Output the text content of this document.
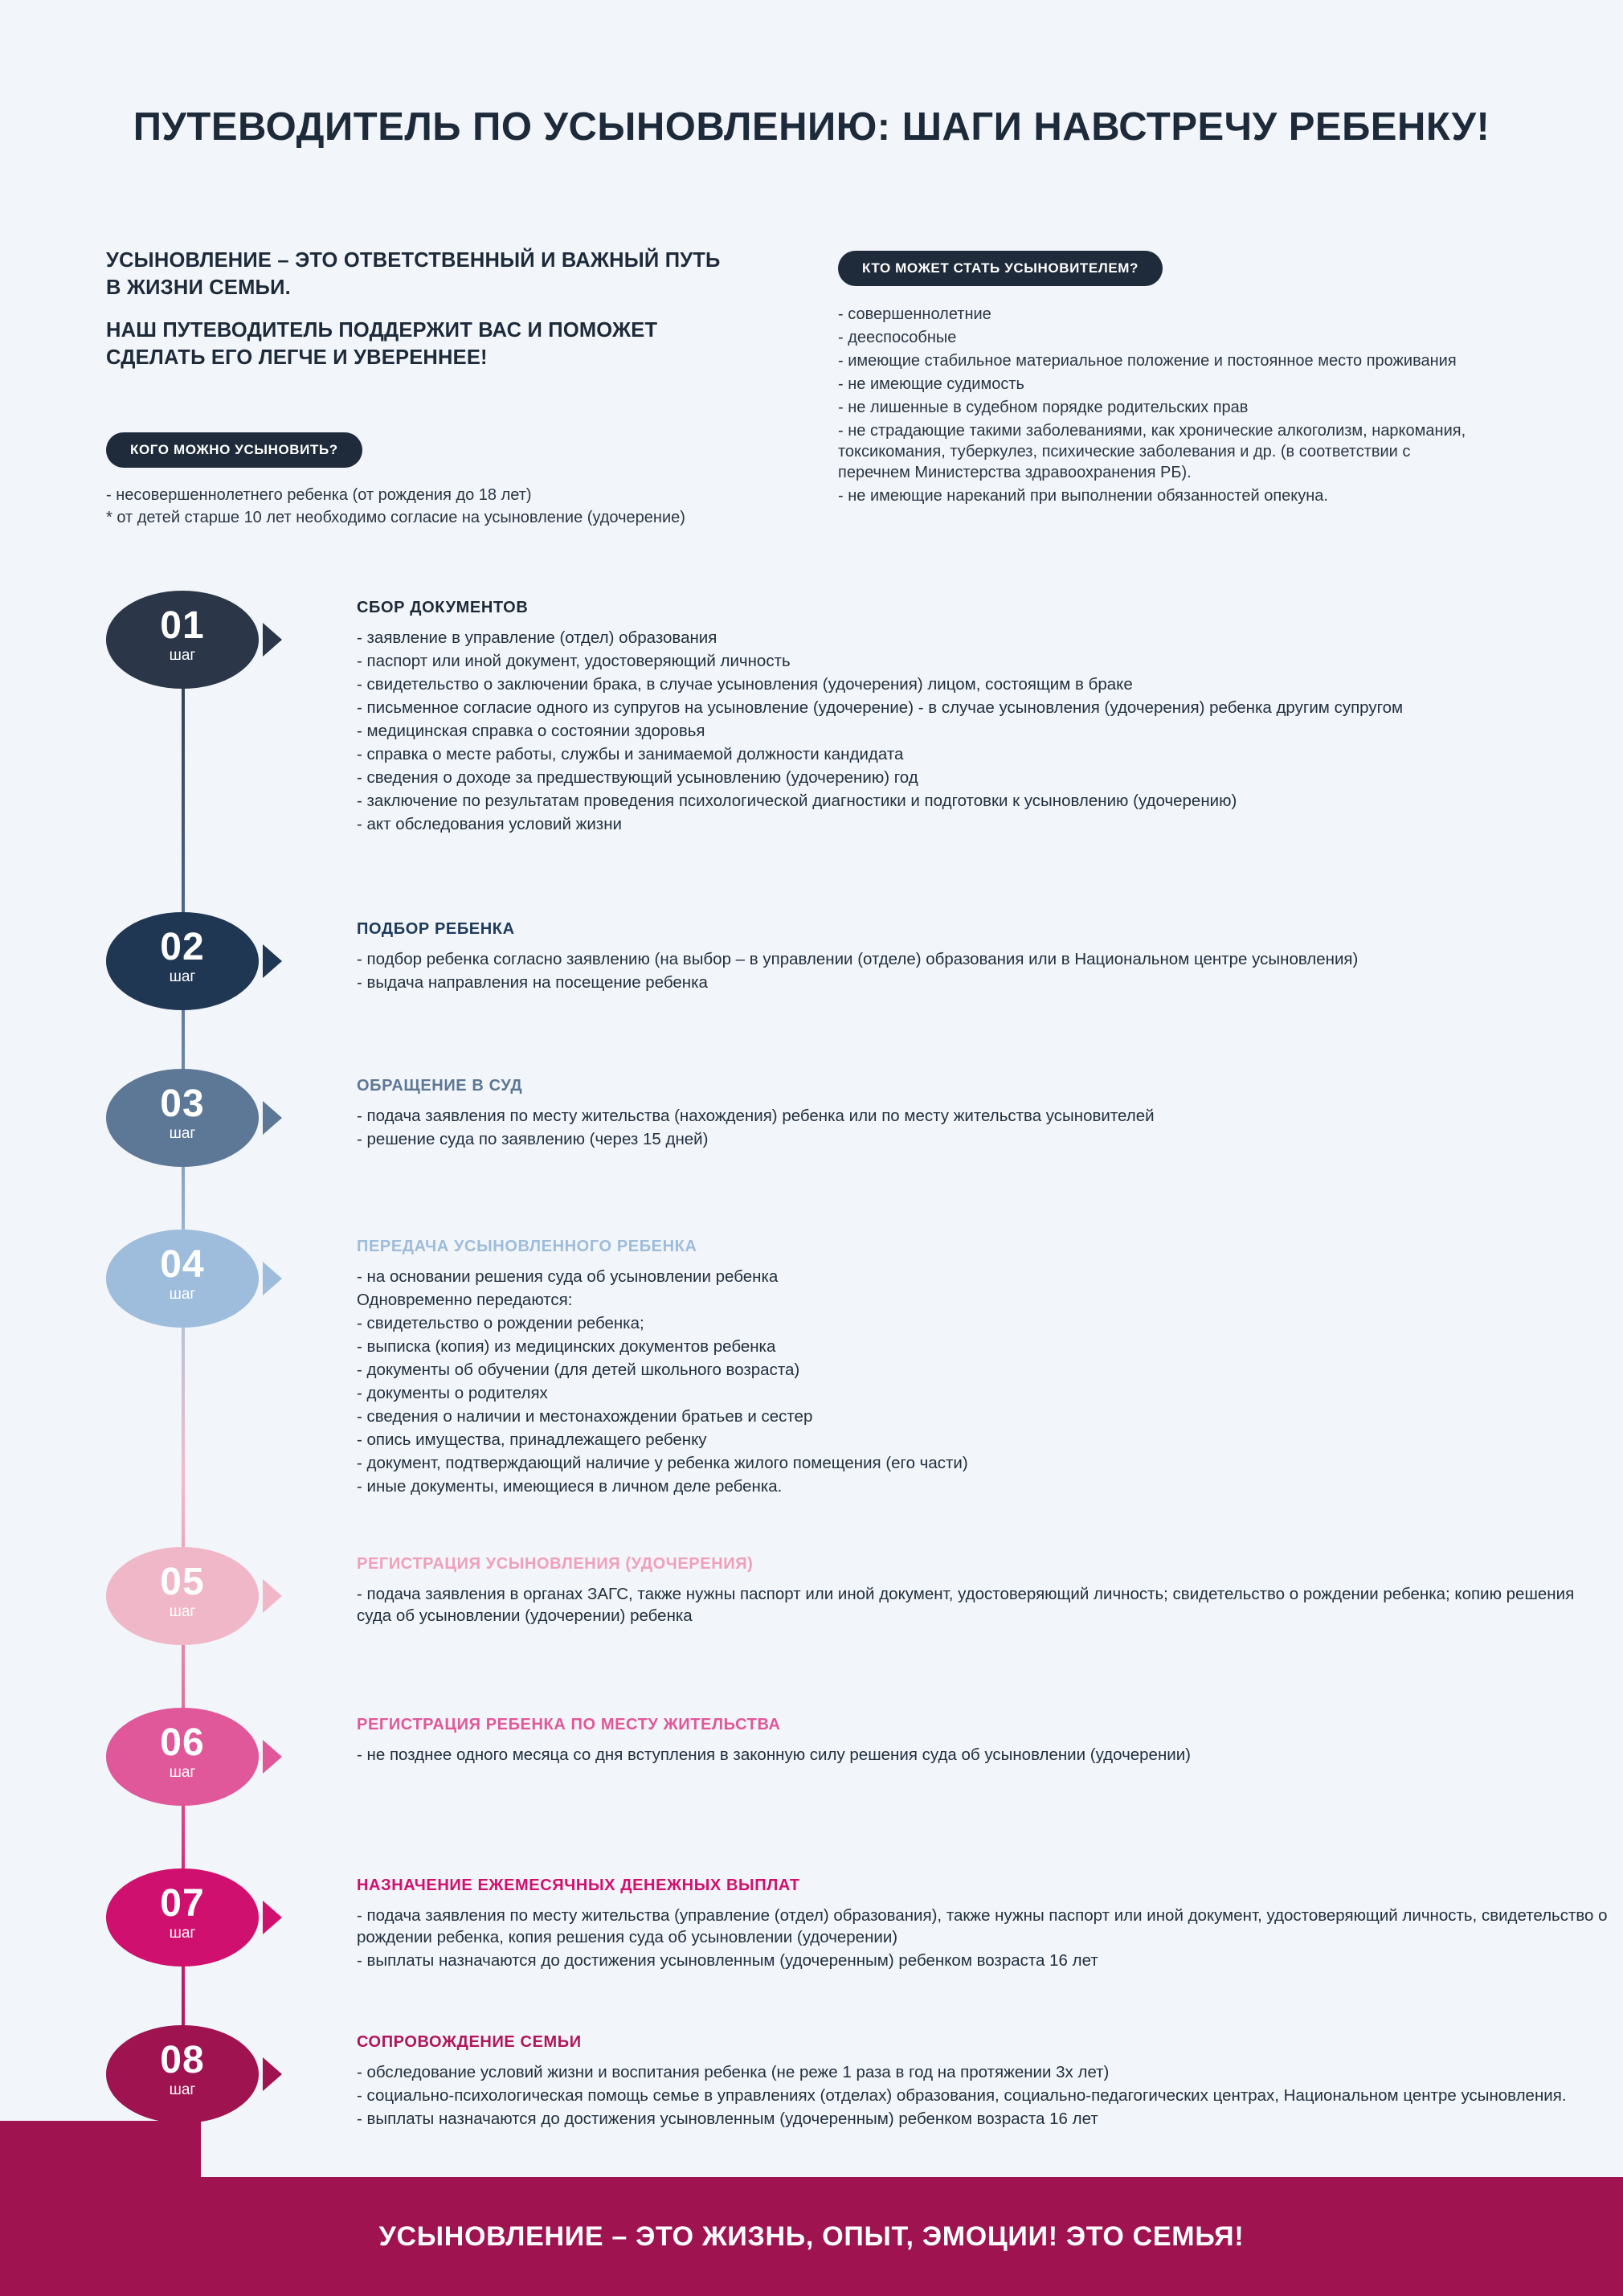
ПУТЕВОДИТЕЛЬ ПО УСЫНОВЛЕНИЮ: ШАГИ НАВСТРЕЧУ РЕБЕНКУ!
УСЫНОВЛЕНИЕ – ЭТО ОТВЕТСТВЕННЫЙ И ВАЖНЫЙ ПУТЬ В ЖИЗНИ СЕМЬИ.
НАШ ПУТЕВОДИТЕЛЬ ПОДДЕРЖИТ ВАС И ПОМОЖЕТ СДЕЛАТЬ ЕГО ЛЕГЧЕ И УВЕРЕННЕЕ!
КОГО МОЖНО УСЫНОВИТЬ?
- несовершеннолетнего ребенка (от рождения до 18 лет)
* от детей старше 10 лет необходимо согласие на усыновление (удочерение)
КТО МОЖЕТ СТАТЬ УСЫНОВИТЕЛЕМ?
- совершеннолетние
- дееспособные
- имеющие стабильное материальное положение и постоянное место проживания
- не имеющие судимость
- не лишенные в судебном порядке родительских прав
- не страдающие такими заболеваниями, как хронические алкоголизм, наркомания, токсикомания, туберкулез, психические заболевания и др. (в соответствии с перечнем Министерства здравоохранения РБ).
- не имеющие нареканий при выполнении обязанностей опекуна.
01
шаг
СБОР ДОКУМЕНТОВ
- заявление в управление (отдел) образования
- паспорт или иной документ, удостоверяющий личность
- свидетельство о заключении брака, в случае усыновления (удочерения) лицом, состоящим в браке
- письменное согласие одного из супругов на усыновление (удочерение) - в случае усыновления (удочерения) ребенка другим супругом
- медицинская справка о состоянии здоровья
- справка о месте работы, службы и занимаемой должности кандидата
- сведения о доходе за предшествующий усыновлению (удочерению) год
- заключение по результатам проведения психологической диагностики и подготовки к усыновлению (удочерению)
- акт обследования условий жизни
02
шаг
ПОДБОР РЕБЕНКА
- подбор ребенка согласно заявлению (на выбор – в управлении (отделе) образования или в Национальном центре усыновления)
- выдача направления на посещение ребенка
03
шаг
ОБРАЩЕНИЕ В СУД
- подача заявления по месту жительства (нахождения) ребенка или по месту жительства усыновителей
- решение суда по заявлению (через 15 дней)
04
шаг
ПЕРЕДАЧА УСЫНОВЛЕННОГО РЕБЕНКА
- на основании решения суда об усыновлении ребенка
Одновременно передаются:
- свидетельство о рождении ребенка;
- выписка (копия) из медицинских документов ребенка
- документы об обучении (для детей школьного возраста)
- документы о родителях
- сведения о наличии и местонахождении братьев и сестер
- опись имущества, принадлежащего ребенку
- документ, подтверждающий наличие у ребенка жилого помещения (его части)
- иные документы, имеющиеся в личном деле ребенка.
05
шаг
РЕГИСТРАЦИЯ УСЫНОВЛЕНИЯ (УДОЧЕРЕНИЯ)
- подача заявления в органах ЗАГС, также нужны паспорт или иной документ, удостоверяющий личность; свидетельство о рождении ребенка; копию решения суда об усыновлении (удочерении) ребенка
06
шаг
РЕГИСТРАЦИЯ РЕБЕНКА ПО МЕСТУ ЖИТЕЛЬСТВА
- не позднее одного месяца со дня вступления в законную силу решения суда об усыновлении (удочерении)
07
шаг
НАЗНАЧЕНИЕ ЕЖЕМЕСЯЧНЫХ ДЕНЕЖНЫХ ВЫПЛАТ
- подача заявления по месту жительства (управление (отдел) образования), также нужны паспорт или иной документ, удостоверяющий личность, свидетельство о рождении ребенка, копия решения суда об усыновлении (удочерении)
- выплаты назначаются до достижения усыновленным (удочеренным) ребенком возраста 16 лет
08
шаг
СОПРОВОЖДЕНИЕ СЕМЬИ
- обследование условий жизни и воспитания ребенка (не реже 1 раза в год на протяжении 3х лет)
- социально-психологическая помощь семье в управлениях (отделах) образования, социально-педагогических центрах, Национальном центре усыновления.
- выплаты назначаются до достижения усыновленным (удочеренным) ребенком возраста 16 лет
УСЫНОВЛЕНИЕ – ЭТО ЖИЗНЬ, ОПЫТ, ЭМОЦИИ! ЭТО СЕМЬЯ!
